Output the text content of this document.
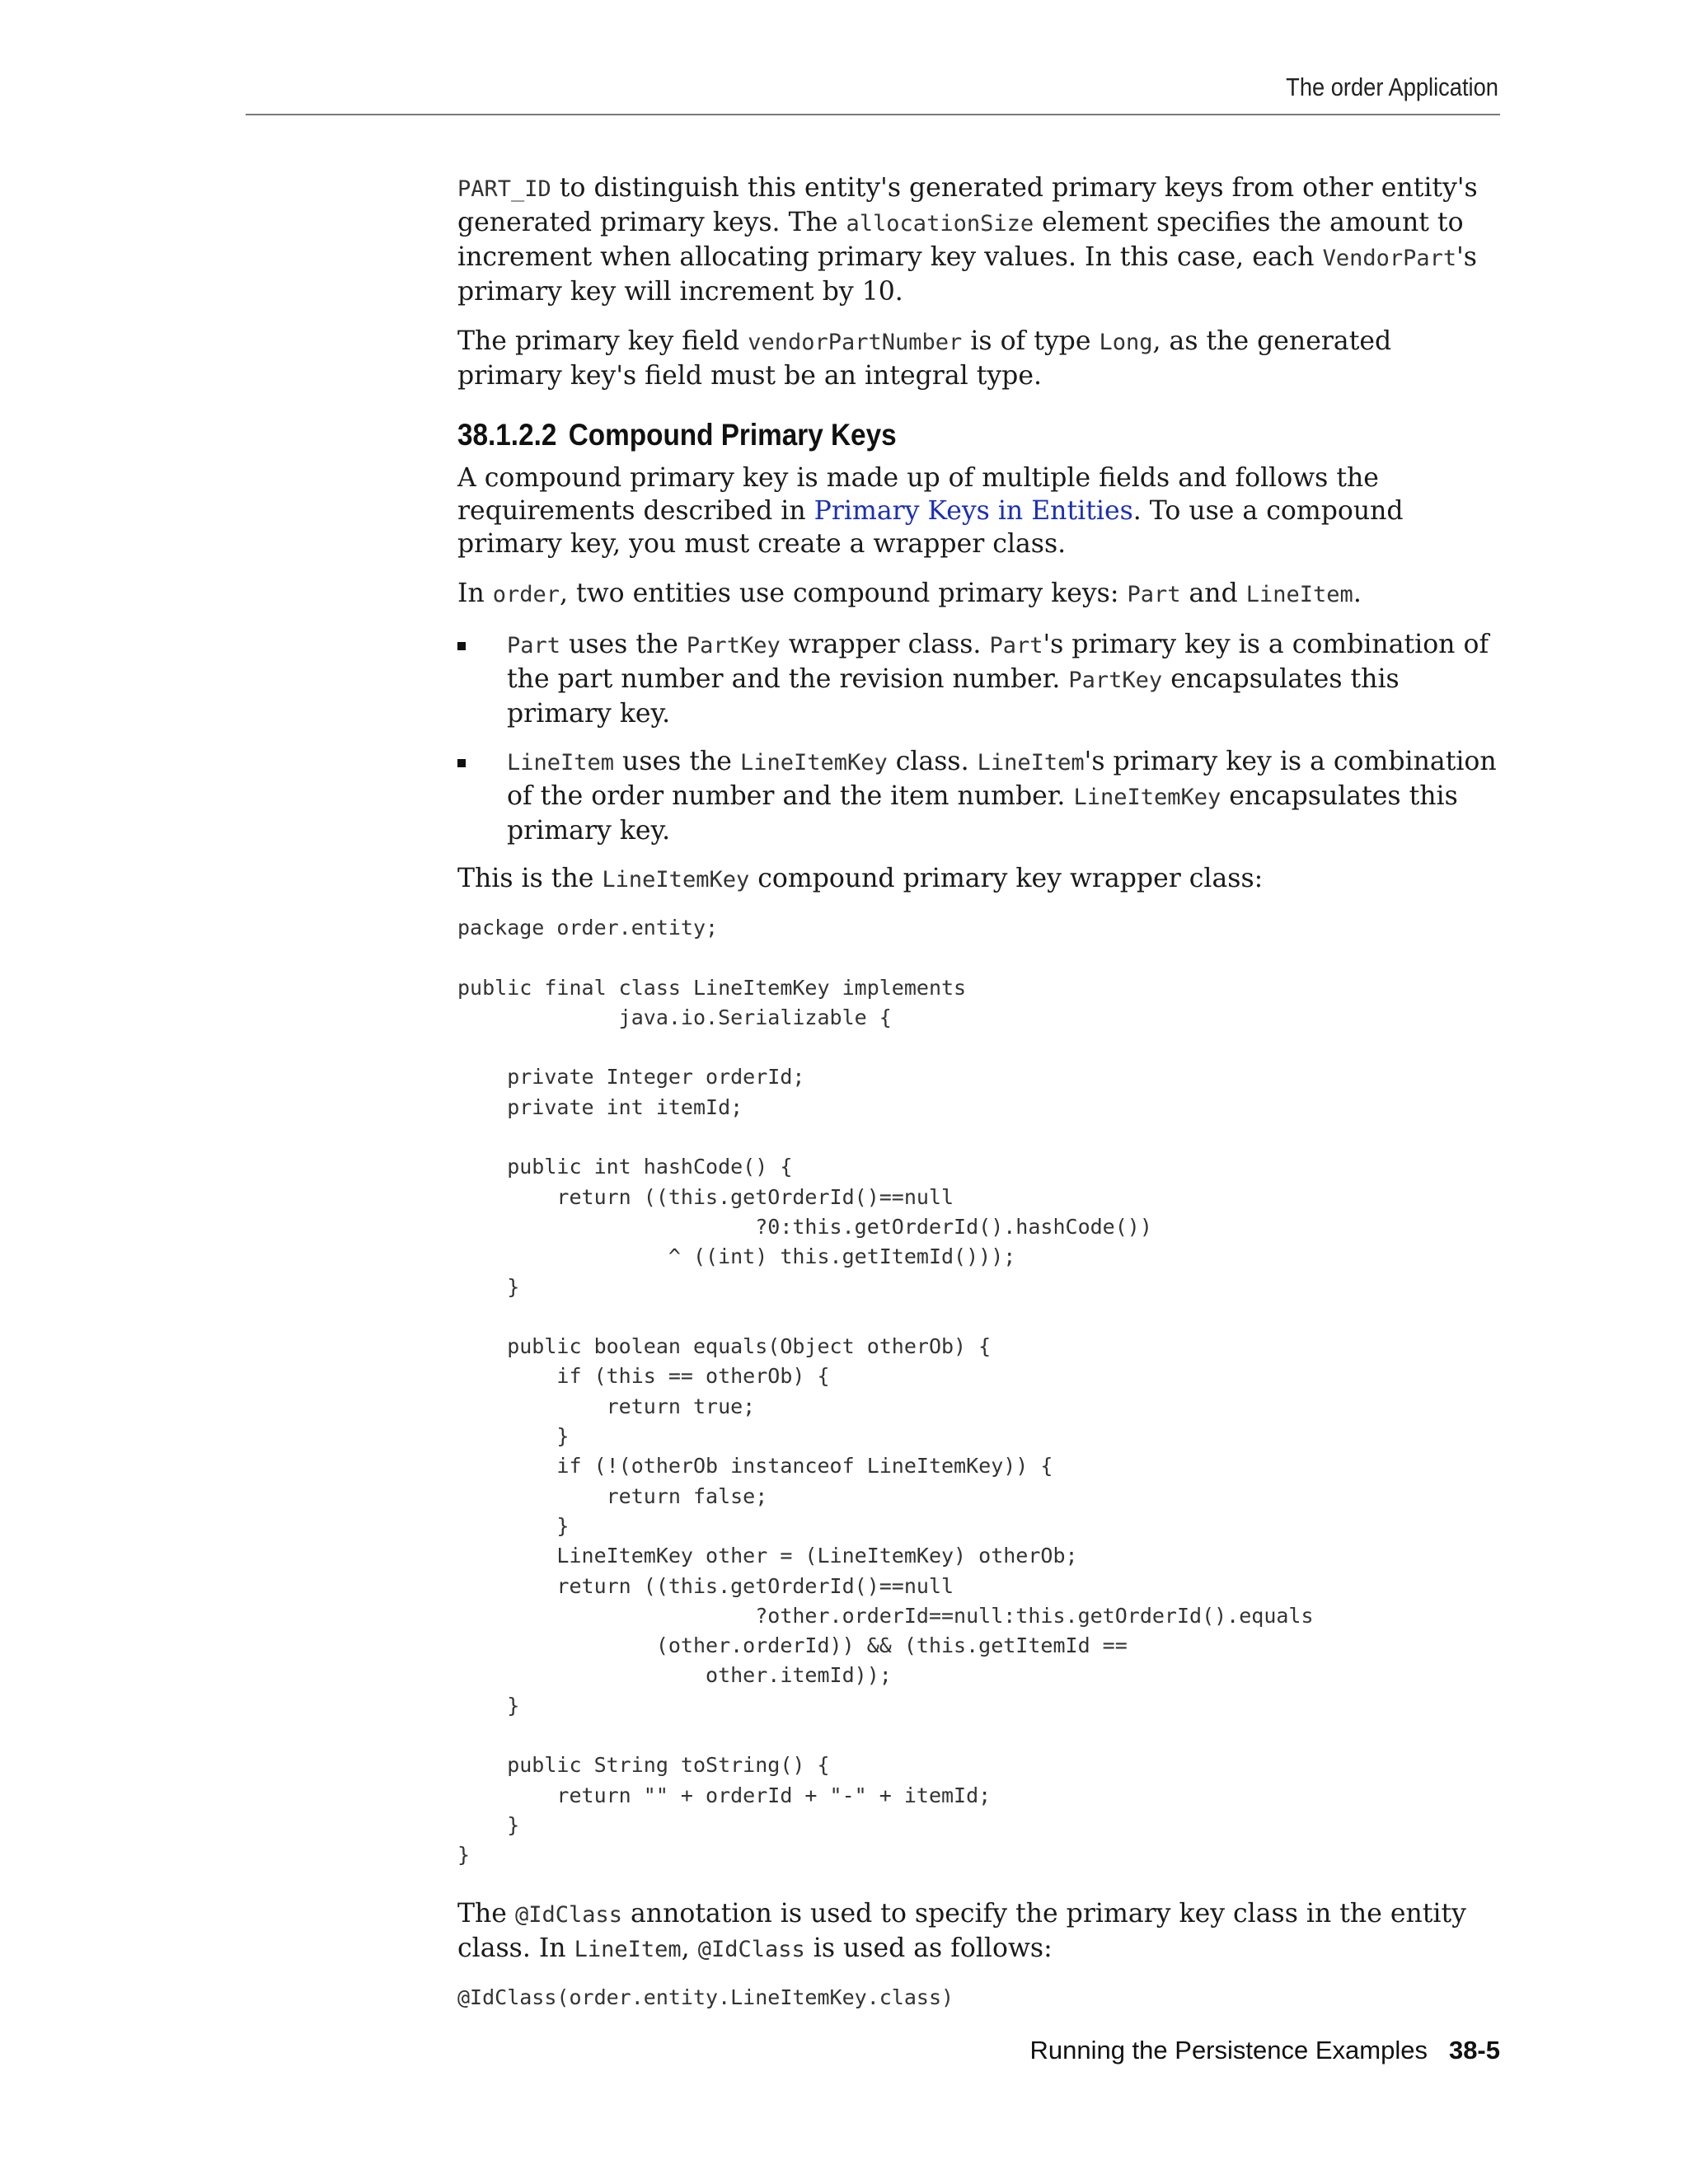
The order Application

PART_ID to distinguish this entity's generated primary keys from other entity's generated primary keys. The allocationSize element specifies the amount to increment when allocating primary key values. In this case, each VendorPart's primary key will increment by 10.

The primary key field vendorPartNumber is of type Long, as the generated primary key's field must be an integral type.

38.1.2.2 Compound Primary Keys

A compound primary key is made up of multiple fields and follows the requirements described in Primary Keys in Entities. To use a compound primary key, you must create a wrapper class.

In order, two entities use compound primary keys: Part and LineItem.

Part uses the PartKey wrapper class. Part's primary key is a combination of the part number and the revision number. PartKey encapsulates this primary key.
LineItem uses the LineItemKey class. LineItem's primary key is a combination of the order number and the item number. LineItemKey encapsulates this primary key.

This is the LineItemKey compound primary key wrapper class:

package order.entity;

public final class LineItemKey implements
java.io.Serializable {

private Integer orderId;
private int itemId;

public int hashCode() {
return ((this.getOrderId()==null
?0:this.getOrderId().hashCode())
^ ((int) this.getItemId()));
}

public boolean equals(Object otherOb) {
if (this == otherOb) {
return true;
}
if (!(otherOb instanceof LineItemKey)) {
return false;
}
LineItemKey other = (LineItemKey) otherOb;
return ((this.getOrderId()==null
?other.orderId==null:this.getOrderId().equals
(other.orderId)) && (this.getItemId ==
other.itemId));
}

public String toString() {
return "" + orderId + "-" + itemId;
}
}

The @IdClass annotation is used to specify the primary key class in the entity class. In LineItem, @IdClass is used as follows:

@IdClass(order.entity.LineItemKey.class)
Running the Persistence Examples 38-5
